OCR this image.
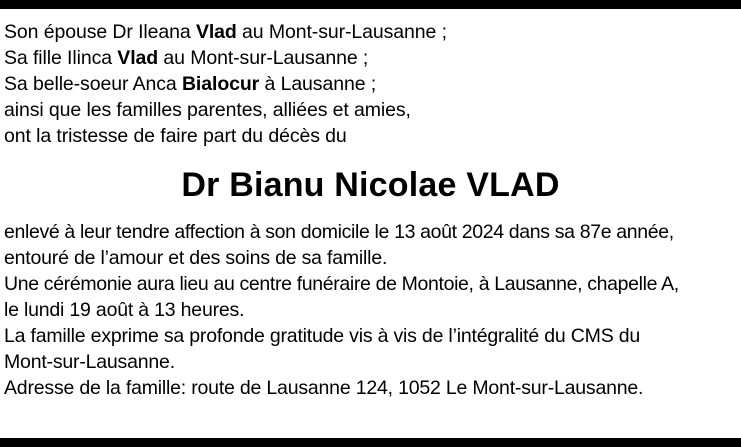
Son épouse Dr Ileana Vlad au Mont-sur-Lausanne ;
Sa fille Ilinca Vlad au Mont-sur-Lausanne ;
Sa belle-soeur Anca Bialocur à Lausanne ;
ainsi que les familles parentes, alliées et amies,
ont la tristesse de faire part du décès du
Dr Bianu Nicolae VLAD
enlevé à leur tendre affection à son domicile le 13 août 2024 dans sa 87e année,
entouré de l’amour et des soins de sa famille.
Une cérémonie aura lieu au centre funéraire de Montoie, à Lausanne, chapelle A,
le lundi 19 août à 13 heures.
La famille exprime sa profonde gratitude vis à vis de l’intégralité du CMS du
Mont-sur-Lausanne.
Adresse de la famille: route de Lausanne 124, 1052 Le Mont-sur-Lausanne.
